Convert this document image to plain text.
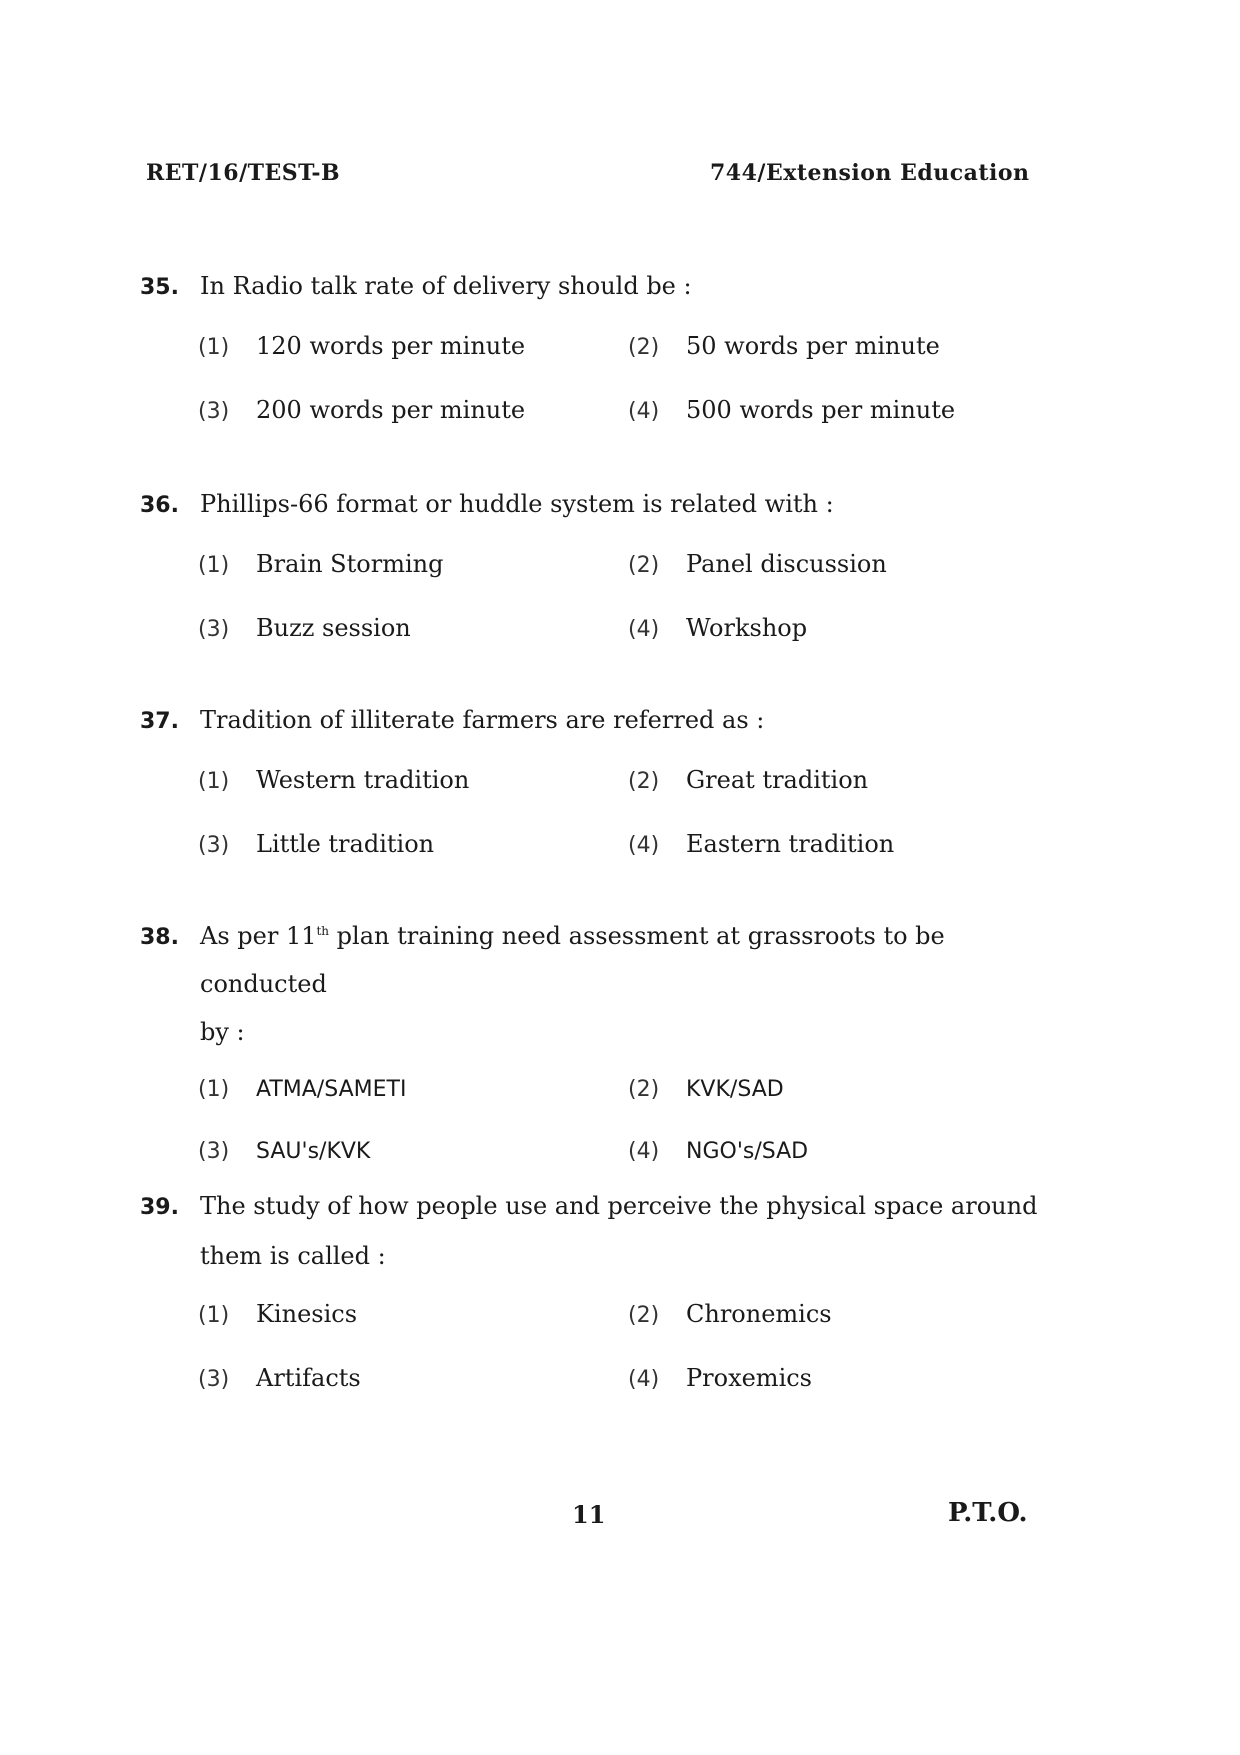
RET/16/TEST-B	744/Extension Education
35. In Radio talk rate of delivery should be :
(1)	120 words per minute	(2)	50 words per minute
(3)	200 words per minute	(4)	500 words per minute
36. Phillips-66 format or huddle system is related with :
(1)	Brain Storming	(2)	Panel discussion
(3)	Buzz session	(4)	Workshop
37. Tradition of illiterate farmers are referred as :
(1)	Western tradition	(2)	Great tradition
(3)	Little tradition	(4)	Eastern tradition
38. As per 11th plan training need assessment at grassroots to be conducted
by :
(1)	ATMA/SAMETI	(2)	KVK/SAD
(3)	SAU's/KVK	(4)	NGO's/SAD
39. The study of how people use and perceive the physical space around
them is called :
(1)	Kinesics	(2)	Chronemics
(3)	Artifacts	(4)	Proxemics
11	P.T.O.
